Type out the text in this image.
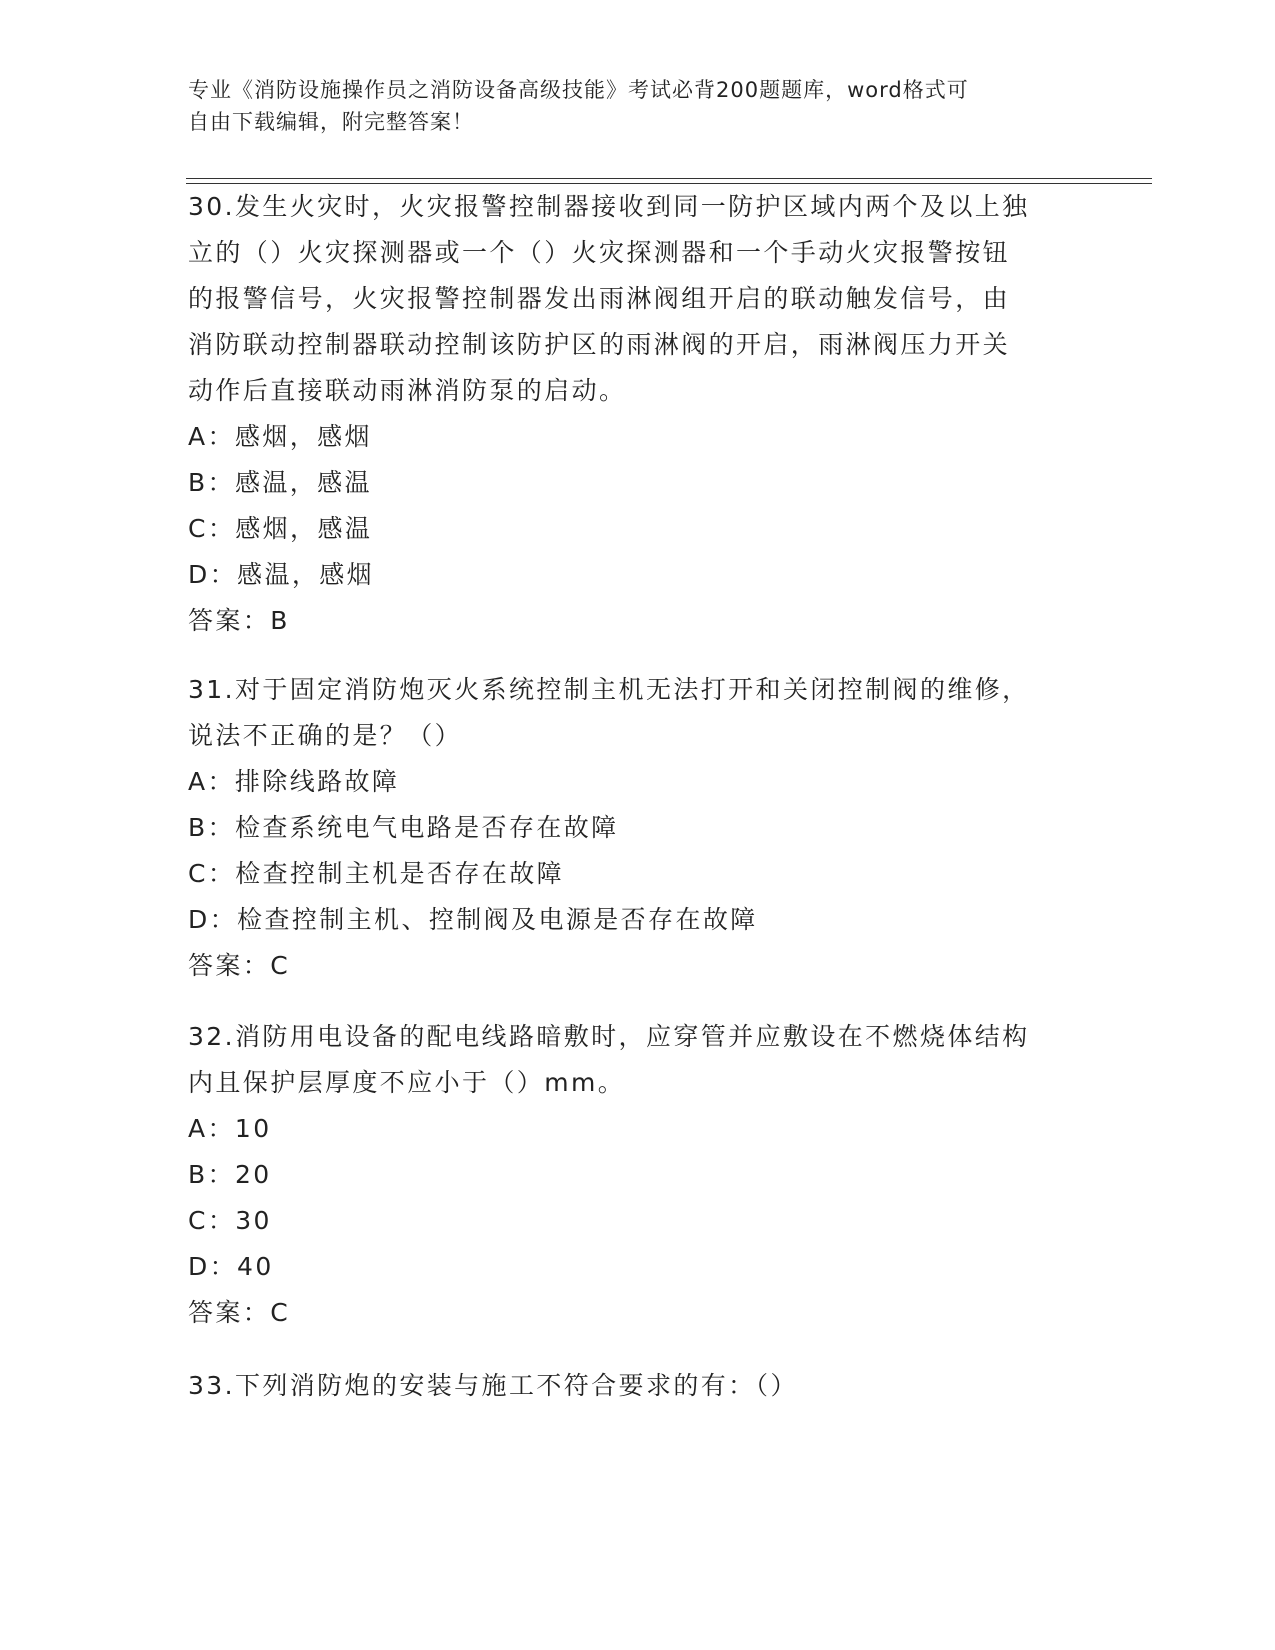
专业《消防设施操作员之消防设备高级技能》考试必背200题题库，word格式可
自由下载编辑，附完整答案！
30.发生火灾时，火灾报警控制器接收到同一防护区域内两个及以上独
立的（）火灾探测器或一个（）火灾探测器和一个手动火灾报警按钮
的报警信号，火灾报警控制器发出雨淋阀组开启的联动触发信号，由
消防联动控制器联动控制该防护区的雨淋阀的开启，雨淋阀压力开关
动作后直接联动雨淋消防泵的启动。
A：感烟，感烟
B：感温，感温
C：感烟，感温
D：感温，感烟
答案：B
31.对于固定消防炮灭火系统控制主机无法打开和关闭控制阀的维修，
说法不正确的是？（）
A：排除线路故障
B：检查系统电气电路是否存在故障
C：检查控制主机是否存在故障
D：检查控制主机、控制阀及电源是否存在故障
答案：C
32.消防用电设备的配电线路暗敷时，应穿管并应敷设在不燃烧体结构
内且保护层厚度不应小于（）mm。
A：10
B：20
C：30
D：40
答案：C
33.下列消防炮的安装与施工不符合要求的有：（）
